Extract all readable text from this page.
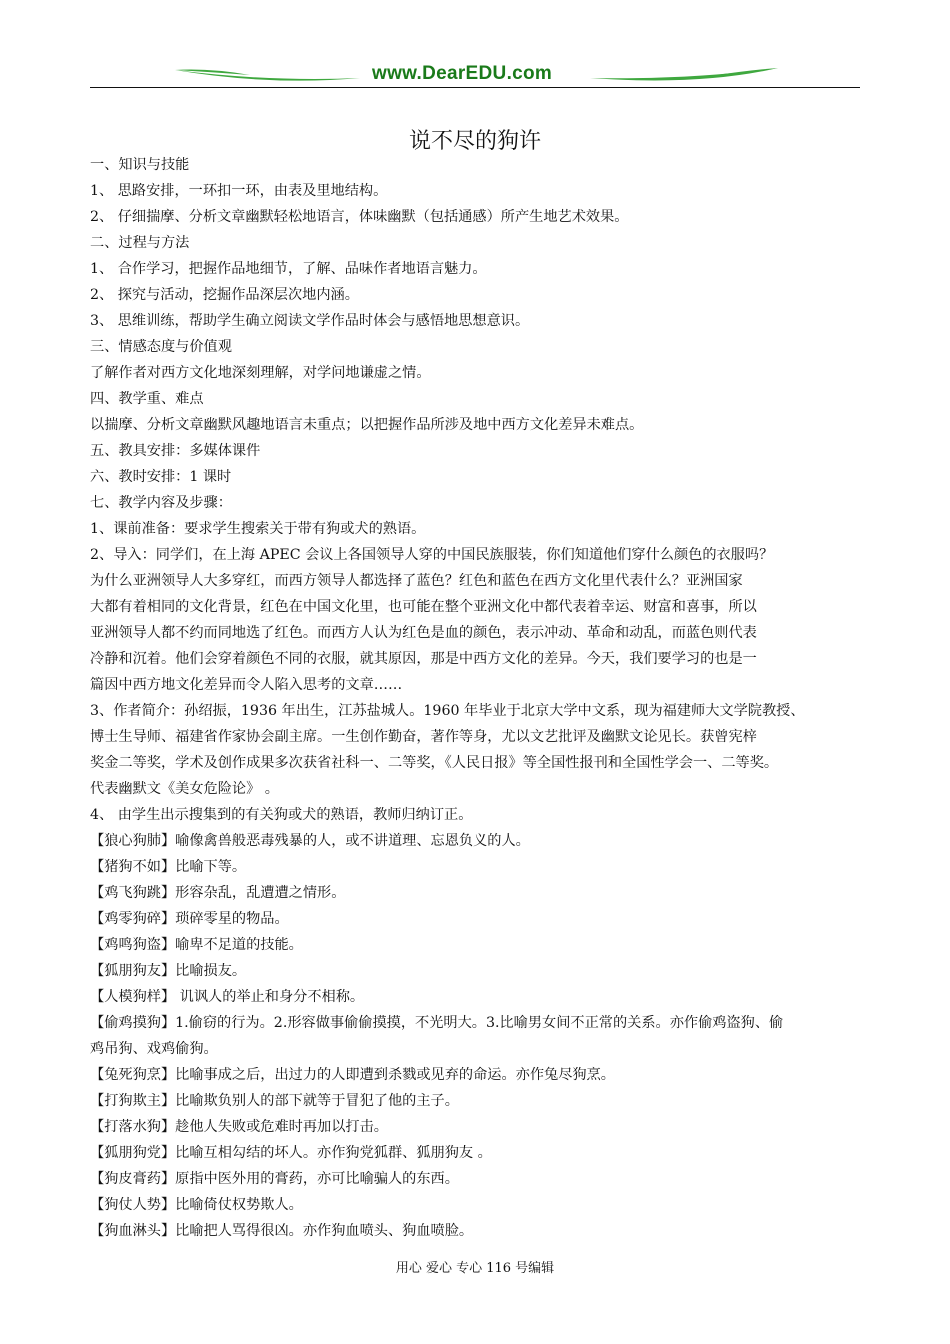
www.DearEDU.com
说不尽的狗许

一、知识与技能

1、 思路安排，一环扣一环，由表及里地结构。

2、 仔细揣摩、分析文章幽默轻松地语言，体味幽默（包括通感）所产生地艺术效果。

二、过程与方法

1、 合作学习，把握作品地细节，了解、品味作者地语言魅力。

2、 探究与活动，挖掘作品深层次地内涵。

3、 思维训练，帮助学生确立阅读文学作品时体会与感悟地思想意识。

三、情感态度与价值观

了解作者对西方文化地深刻理解，对学问地谦虚之情。

四、教学重、难点

以揣摩、分析文章幽默风趣地语言未重点；以把握作品所涉及地中西方文化差异未难点。

五、教具安排：多媒体课件

六、教时安排：1 课时

七、教学内容及步骤：

1、课前准备：要求学生搜索关于带有狗或犬的熟语。

2、导入：同学们，在上海 APEC 会议上各国领导人穿的中国民族服装，你们知道他们穿什么颜色的衣服吗？

为什么亚洲领导人大多穿红，而西方领导人都选择了蓝色？红色和蓝色在西方文化里代表什么？亚洲国家

大都有着相同的文化背景，红色在中国文化里，也可能在整个亚洲文化中都代表着幸运、财富和喜事，所以

亚洲领导人都不约而同地选了红色。而西方人认为红色是血的颜色，表示冲动、革命和动乱，而蓝色则代表

冷静和沉着。他们会穿着颜色不同的衣服，就其原因，那是中西方文化的差异。今天，我们要学习的也是一

篇因中西方地文化差异而令人陷入思考的文章……

3、作者简介：孙绍振，1936 年出生，江苏盐城人。1960 年毕业于北京大学中文系，现为福建师大文学院教授、

博士生导师、福建省作家协会副主席。一生创作勤奋，著作等身，尤以文艺批评及幽默文论见长。获曾宪梓

奖金二等奖，学术及创作成果多次获省社科一、二等奖，《人民日报》等全国性报刊和全国性学会一、二等奖。

代表幽默文《美女危险论》 。

4、 由学生出示搜集到的有关狗或犬的熟语，教师归纳订正。

【狼心狗肺】喻像禽兽般恶毒残暴的人，或不讲道理、忘恩负义的人。

【猪狗不如】比喻下等。

【鸡飞狗跳】形容杂乱，乱遭遭之情形。

【鸡零狗碎】琐碎零星的物品。

【鸡鸣狗盗】喻卑不足道的技能。

【狐朋狗友】比喻损友。

【人模狗样】 讥讽人的举止和身分不相称。

【偷鸡摸狗】1.偷窃的行为。2.形容做事偷偷摸摸，不光明大。3.比喻男女间不正常的关系。亦作偷鸡盗狗、偷

鸡吊狗、戏鸡偷狗。

【兔死狗烹】比喻事成之后，出过力的人即遭到杀戮或见弃的命运。亦作兔尽狗烹。

【打狗欺主】比喻欺负别人的部下就等于冒犯了他的主子。

【打落水狗】趁他人失败或危难时再加以打击。

【狐朋狗党】比喻互相勾结的坏人。亦作狗党狐群、狐朋狗友 。

【狗皮膏药】原指中医外用的膏药，亦可比喻骗人的东西。

【狗仗人势】比喻倚仗权势欺人。

【狗血淋头】比喻把人骂得很凶。亦作狗血喷头、狗血喷脸。

用心 爱心 专心 116 号编辑
